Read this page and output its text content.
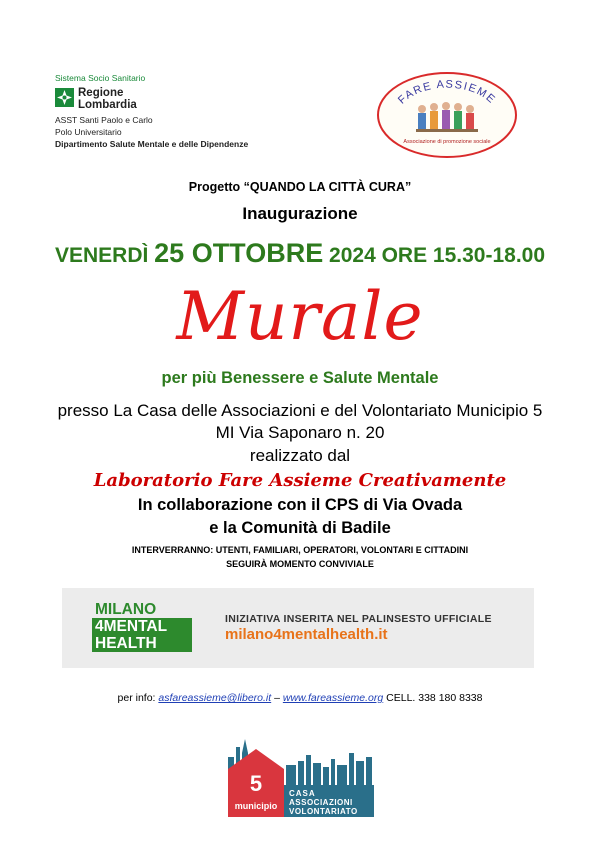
Sistema Socio Sanitario
Regione
Lombardia
ASST Santi Paolo e Carlo
Polo Universitario
Dipartimento Salute Mentale e delle Dipendenze
FARE ASSIEME
Associazione di promozione sociale
Progetto “QUANDO LA CITTÀ CURA”
Inaugurazione
VENERDÌ 25 OTTOBRE 2024 ORE 15.30-18.00
Murale
per più Benessere e Salute Mentale
presso La Casa delle Associazioni e del Volontariato Municipio 5
MI Via Saponaro n. 20
realizzato dal
Laboratorio Fare Assieme Creativamente
In collaborazione con il CPS di Via Ovada
e la Comunità di Badile
INTERVERRANNO: UTENTI, FAMILIARI, OPERATORI, VOLONTARI E CITTADINI
SEGUIRÀ MOMENTO CONVIVIALE
MILANO
4MENTAL
HEALTH
INIZIATIVA INSERITA NEL PALINSESTO UFFICIALE
milano4mentalhealth.it
per info: asfareassieme@libero.it – www.fareassieme.org CELL. 338 180 8338
5
municipio
CASA
ASSOCIAZIONI
VOLONTARIATO
